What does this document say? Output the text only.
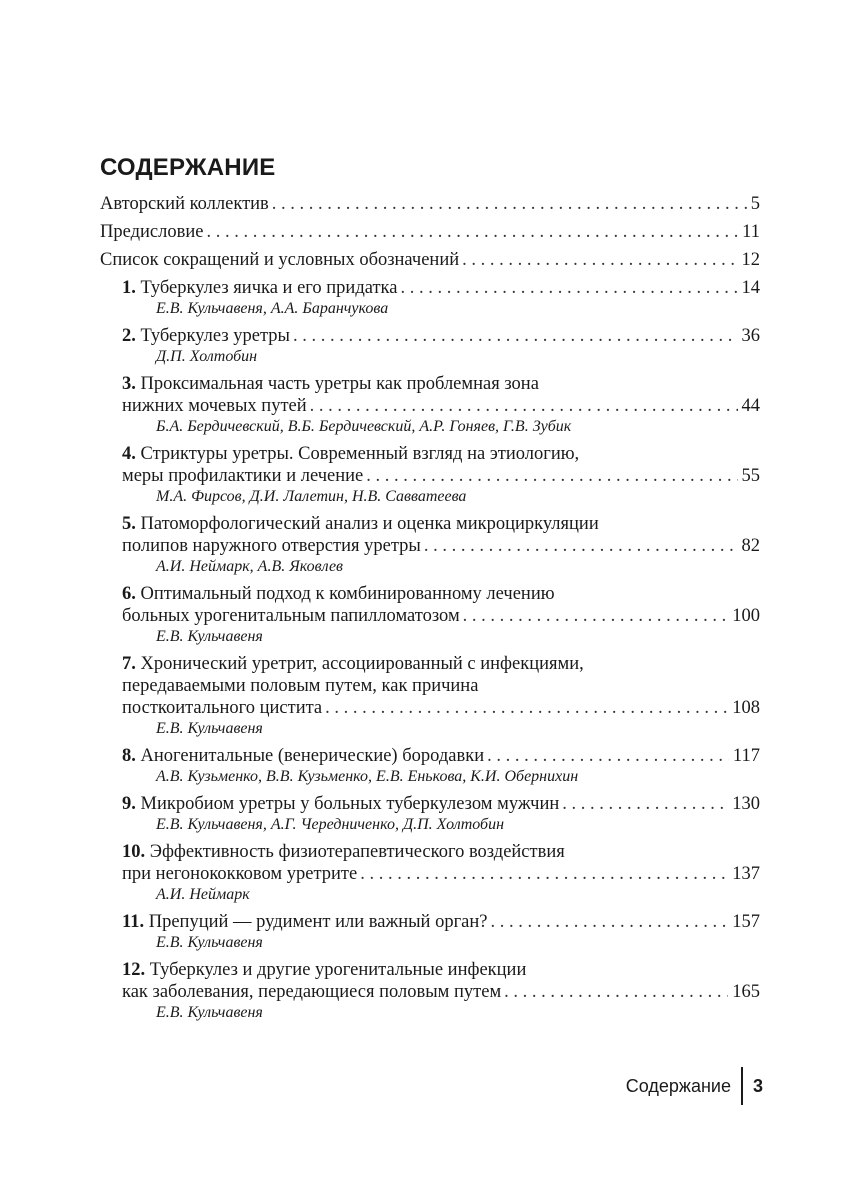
СОДЕРЖАНИЕ
Авторский коллектив . . .	5
Предисловие . . .	11
Список сокращений и условных обозначений . . .	12
1. Туберкулез яичка и его придатка . . .	14
Е.В. Кульчавеня, А.А. Баранчукова
2. Туберкулез уретры . . .	36
Д.П. Холтобин
3. Проксимальная часть уретры как проблемная зона
нижних мочевых путей . . .	44
Б.А. Бердичевский, В.Б. Бердичевский, А.Р. Гоняев, Г.В. Зубик
4. Стриктуры уретры. Современный взгляд на этиологию,
меры профилактики и лечение . . .	55
М.А. Фирсов, Д.И. Лалетин, Н.В. Савватеева
5. Патоморфологический анализ и оценка микроциркуляции
полипов наружного отверстия уретры . . .	82
А.И. Неймарк, А.В. Яковлев
6. Оптимальный подход к комбинированному лечению
больных урогенитальным папилломатозом . . .	100
Е.В. Кульчавеня
7. Хронический уретрит, ассоциированный с инфекциями,
передаваемыми половым путем, как причина
посткоитального цистита . . .	108
Е.В. Кульчавеня
8. Аногенитальные (венерические) бородавки . . .	117
А.В. Кузьменко, В.В. Кузьменко, Е.В. Енькова, К.И. Обернихин
9. Микробиом уретры у больных туберкулезом мужчин . . .	130
Е.В. Кульчавеня, А.Г. Чередниченко, Д.П. Холтобин
10. Эффективность физиотерапевтического воздействия
при негонококковом уретрите . . .	137
А.И. Неймарк
11. Препуций — рудимент или важный орган? . . .	157
Е.В. Кульчавеня
12. Туберкулез и другие урогенитальные инфекции
как заболевания, передающиеся половым путем . . .	165
Е.В. Кульчавеня
Содержание	3
